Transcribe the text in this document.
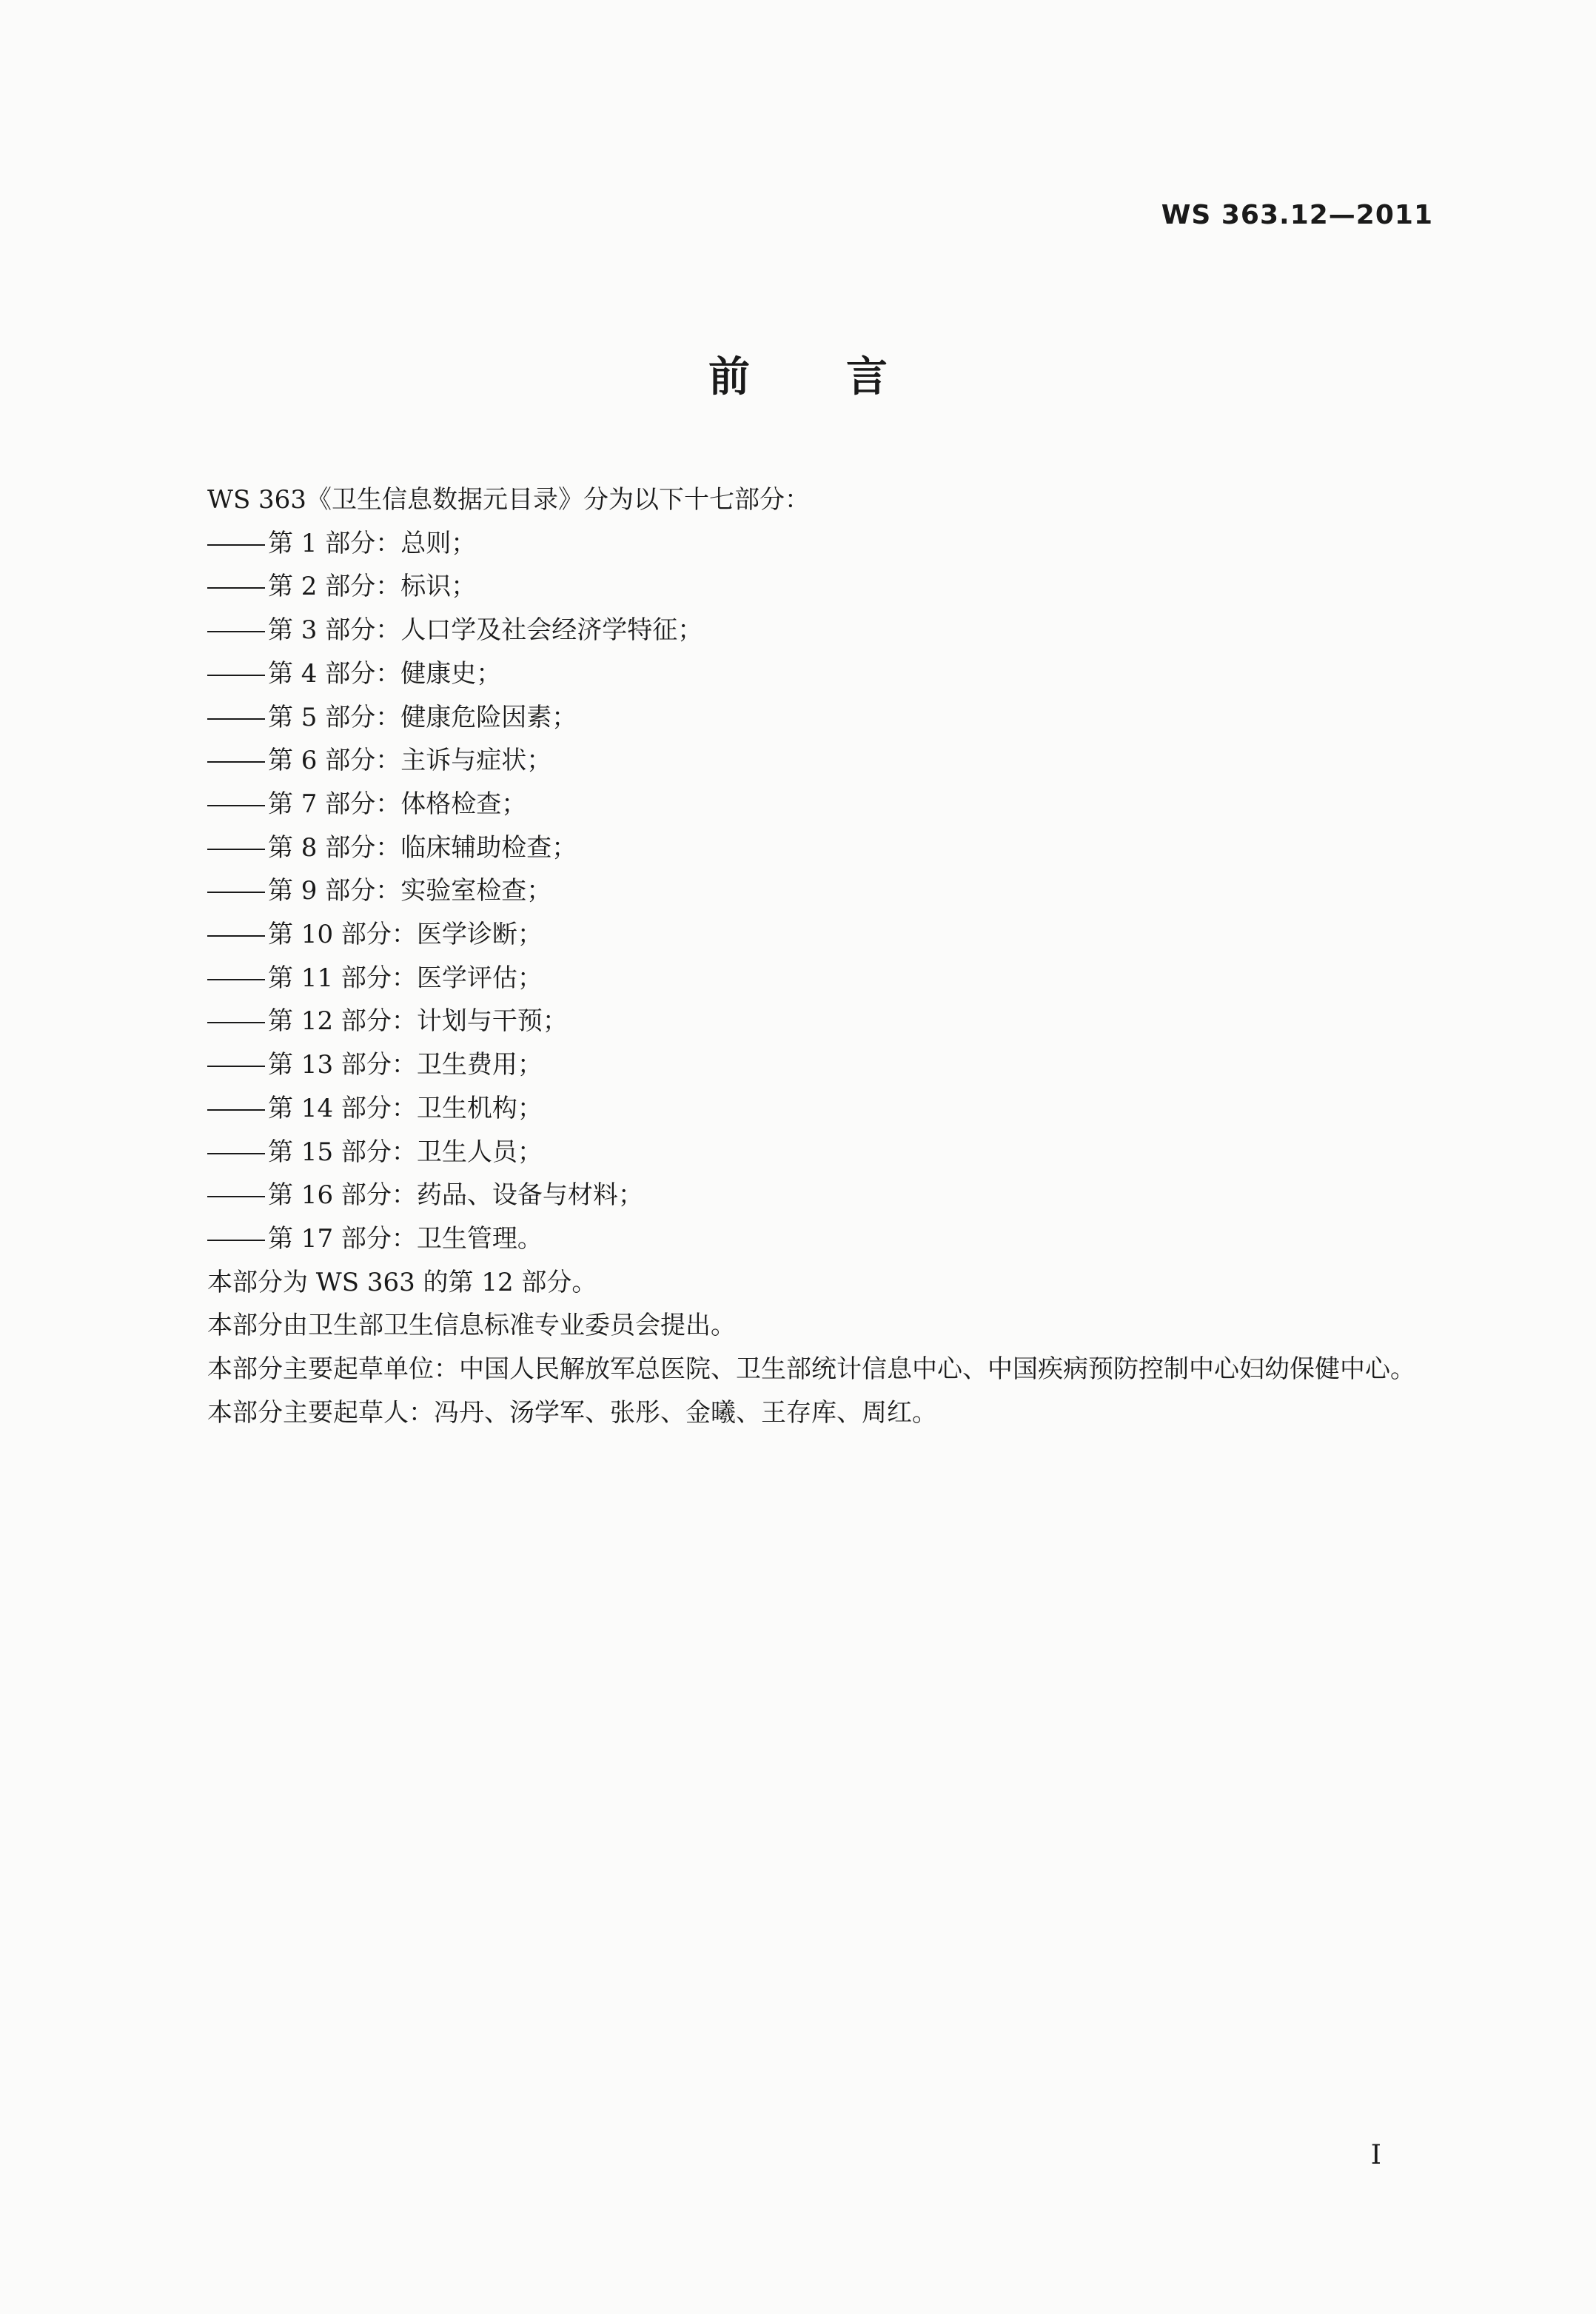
WS 363.12—2011
前言

WS 363《卫生信息数据元目录》分为以下十七部分：

第 1 部分：总则；

第 2 部分：标识；

第 3 部分：人口学及社会经济学特征；

第 4 部分：健康史；

第 5 部分：健康危险因素；

第 6 部分：主诉与症状；

第 7 部分：体格检查；

第 8 部分：临床辅助检查；

第 9 部分：实验室检查；

第 10 部分：医学诊断；

第 11 部分：医学评估；

第 12 部分：计划与干预；

第 13 部分：卫生费用；

第 14 部分：卫生机构；

第 15 部分：卫生人员；

第 16 部分：药品、设备与材料；

第 17 部分：卫生管理。

本部分为 WS 363 的第 12 部分。

本部分由卫生部卫生信息标准专业委员会提出。

本部分主要起草单位：中国人民解放军总医院、卫生部统计信息中心、中国疾病预防控制中心妇幼保健中心。

本部分主要起草人：冯丹、汤学军、张彤、金曦、王存库、周红。

I
